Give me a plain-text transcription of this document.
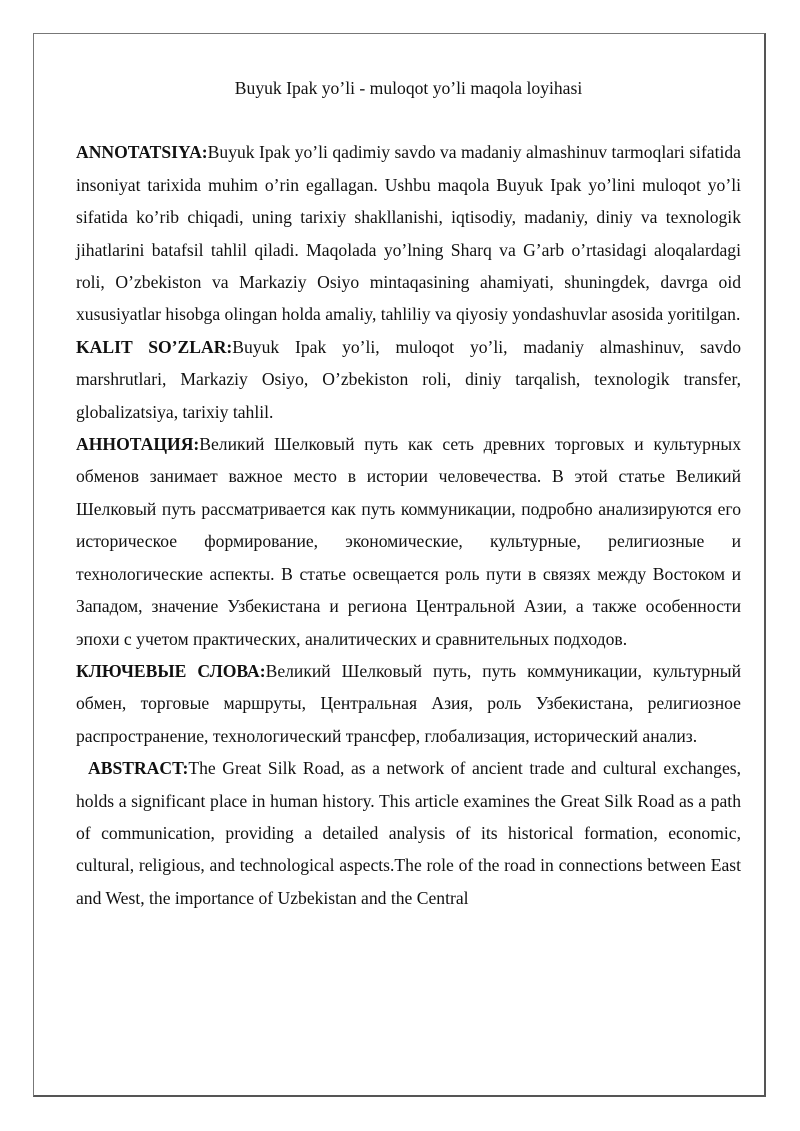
Buyuk Ipak yo’li - muloqot yo’li maqola loyihasi

ANNOTATSIYA:Buyuk Ipak yo’li qadimiy savdo va madaniy almashinuv tarmoqlari sifatida insoniyat tarixida muhim o’rin egallagan. Ushbu maqola Buyuk Ipak yo’lini muloqot yo’li sifatida ko’rib chiqadi, uning tarixiy shakllanishi, iqtisodiy, madaniy, diniy va texnologik jihatlarini batafsil tahlil qiladi. Maqolada yo’lning Sharq va G’arb o’rtasidagi aloqalardagi roli, O’zbekiston va Markaziy Osiyo mintaqasining ahamiyati, shuningdek, davrga oid xususiyatlar hisobga olingan holda amaliy, tahliliy va qiyosiy yondashuvlar asosida yoritilgan.

KALIT SO’ZLAR:Buyuk Ipak yo’li, muloqot yo’li, madaniy almashinuv, savdo marshrutlari, Markaziy Osiyo, O’zbekiston roli, diniy tarqalish, texnologik transfer, globalizatsiya, tarixiy tahlil.

АННОТАЦИЯ:Великий Шелковый путь как сеть древних торговых и культурных обменов занимает важное место в истории человечества. В этой статье Великий Шелковый путь рассматривается как путь коммуникации, подробно анализируются его историческое формирование, экономические, культурные, религиозные и технологические аспекты. В статье освещается роль пути в связях между Востоком и Западом, значение Узбекистана и региона Центральной Азии, а также особенности эпохи с учетом практических, аналитических и сравнительных подходов.

КЛЮЧЕВЫЕ СЛОВА:Великий Шелковый путь, путь коммуникации, культурный обмен, торговые маршруты, Центральная Азия, роль Узбекистана, религиозное распространение, технологический трансфер, глобализация, исторический анализ.

ABSTRACT:The Great Silk Road, as a network of ancient trade and cultural exchanges, holds a significant place in human history. This article examines the Great Silk Road as a path of communication, providing a detailed analysis of its historical formation, economic, cultural, religious, and technological aspects.The role of the road in connections between East and West, the importance of Uzbekistan and the Central
